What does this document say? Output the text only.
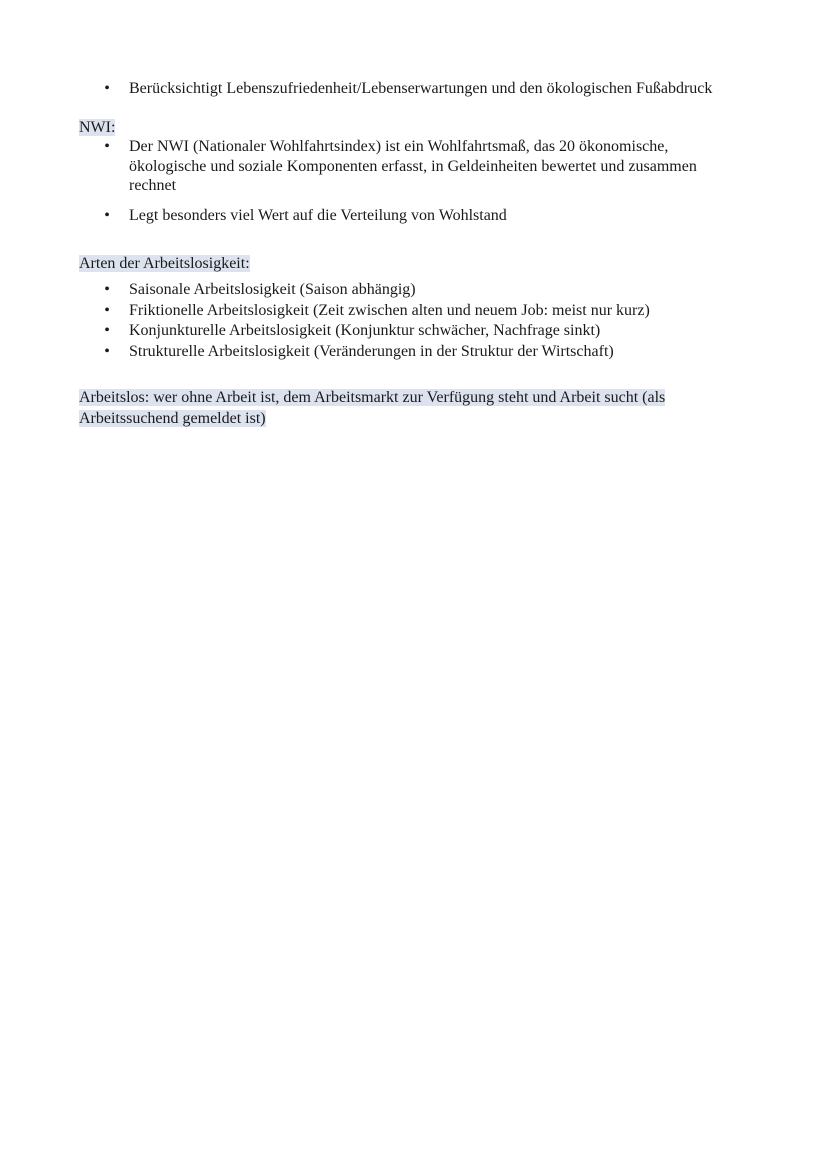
• Berücksichtigt Lebenszufriedenheit/Lebenserwartungen und den ökologischen Fußabdruck
NWI:
• Der NWI (Nationaler Wohlfahrtsindex) ist ein Wohlfahrtsmaß, das 20 ökonomische, ökologische und soziale Komponenten erfasst, in Geldeinheiten bewertet und zusammen rechnet
• Legt besonders viel Wert auf die Verteilung von Wohlstand
Arten der Arbeitslosigkeit:
• Saisonale Arbeitslosigkeit (Saison abhängig)
• Friktionelle Arbeitslosigkeit (Zeit zwischen alten und neuem Job: meist nur kurz)
• Konjunkturelle Arbeitslosigkeit (Konjunktur schwächer, Nachfrage sinkt)
• Strukturelle Arbeitslosigkeit (Veränderungen in der Struktur der Wirtschaft)
Arbeitslos: wer ohne Arbeit ist, dem Arbeitsmarkt zur Verfügung steht und Arbeit sucht (als Arbeitssuchend gemeldet ist)
